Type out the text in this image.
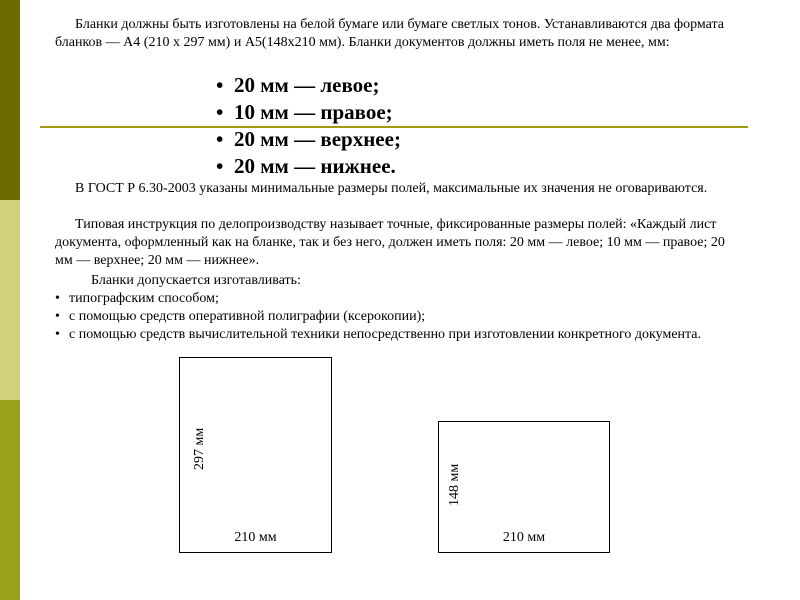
Бланки должны быть изготовлены на белой бумаге или бумаге светлых тонов. Устанавливаются два формата бланков — А4 (210 х 297 мм) и А5(148х210 мм). Бланки документов должны иметь поля не менее, мм:

• 20 мм — левое;
• 10 мм — правое;
• 20 мм — верхнее;
• 20 мм — нижнее.

В ГОСТ Р 6.30-2003 указаны минимальные размеры полей, максимальные их значения не оговариваются.

Типовая инструкция по делопроизводству называет точные, фиксированные размеры полей: «Каждый лист документа, оформленный как на бланке, так и без него, должен иметь поля: 20 мм — левое; 10 мм — правое; 20 мм — верхнее; 20 мм — нижнее».

Бланки допускается изготавливать:

• типографским способом;
• с помощью средств оперативной полиграфии (ксерокопии);
• с помощью средств вычислительной техники непосредственно при изготовлении конкретного документа.
297 мм
210 мм
148 мм
210 мм
